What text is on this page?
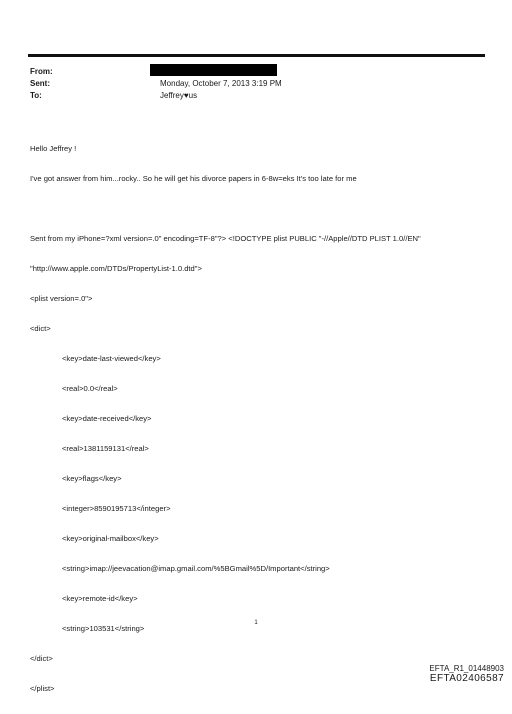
From:
Sent:	Monday, October 7, 2013 3:19 PM
To:	Jeffrey♥us

Hello Jeffrey !

I've got answer from him...rocky.. So he will get his divorce papers in 6-8w=eks It's too late for me

Sent from my iPhone=?xml version=.0" encoding=TF-8"?> <!DOCTYPE plist PUBLIC "-//Apple//DTD PLIST 1.0//EN"

"http://www.apple.com/DTDs/PropertyList-1.0.dtd">

<plist version=.0">

<dict>

<key>date-last-viewed</key>

<real>0.0</real>

<key>date-received</key>

<real>1381159131</real>

<key>flags</key>

<integer>8590195713</integer>

<key>original-mailbox</key>

<string>imap://jeevacation@imap.gmail.com/%5BGmail%5D/Important</string>

<key>remote-id</key>

<string>103531</string>

</dict>

</plist>

1
EFTA_R1_01448903
EFTA02406587
